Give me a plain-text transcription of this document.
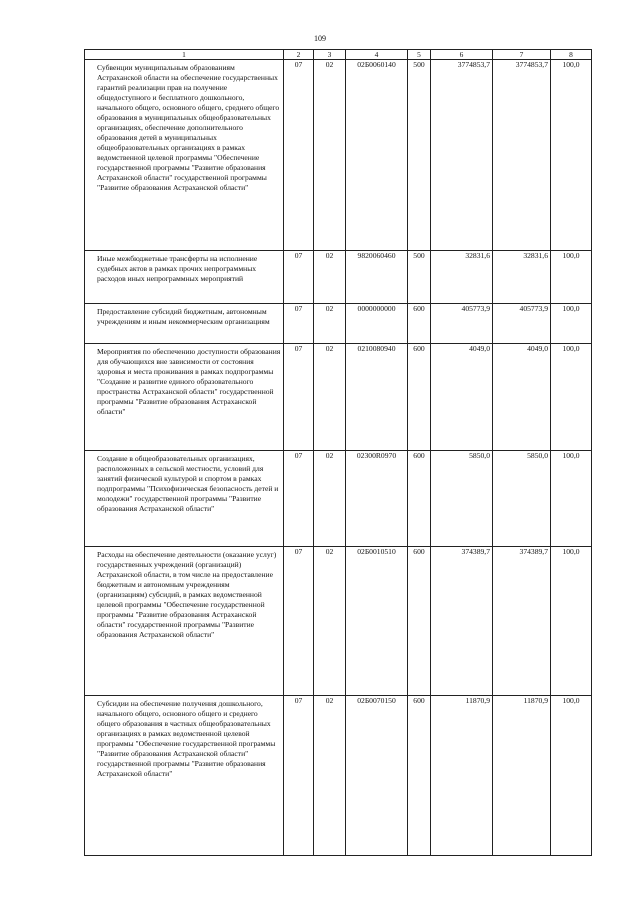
109
1	2	3	4	5	6	7	8

Субвенции муниципальным образованиям Астраханской области на обеспечение государственных гарантий реализации прав на получение общедоступного и бесплатного дошкольного, начального общего, основного общего, среднего общего образования в муниципальных общеобразовательных организациях, обеспечение дополнительного образования детей в муниципальных общеобразовательных организациях в рамках ведомственной целевой программы "Обеспечение государственной программы "Развитие образования Астраханской области" государственной программы "Развитие образования Астраханской области"	07	02	02Б0060140	500	3774853,7	3774853,7	100,0

Иные межбюджетные трансферты на исполнение судебных актов в рамках прочих непрограммных расходов иных непрограммных мероприятий	07	02	9820060460	500	32831,6	32831,6	100,0

Предоставление субсидий бюджетным, автономным учреждениям и иным некоммерческим организациям	07	02	0000000000	600	405773,9	405773,9	100,0

Мероприятия по обеспечению доступности образования для обучающихся вне зависимости от состояния здоровья и места проживания в рамках подпрограммы "Создание и развитие единого образовательного пространства Астраханской области" государственной программы "Развитие образования Астраханской области"	07	02	0210080940	600	4049,0	4049,0	100,0

Создание в общеобразовательных организациях, расположенных в сельской местности, условий для занятий физической культурой и спортом в рамках подпрограммы "Психофизическая безопасность детей и молодежи" государственной программы "Развитие образования Астраханской области"	07	02	02300R0970	600	5850,0	5850,0	100,0

Расходы на обеспечение деятельности (оказание услуг) государственных учреждений (организаций) Астраханской области, в том числе на предоставление бюджетным и автономным учреждениям (организациям) субсидий, в рамках ведомственной целевой программы "Обеспечение государственной программы "Развитие образования Астраханской области" государственной программы "Развитие образования Астраханской области"	07	02	02Б0010510	600	374389,7	374389,7	100,0

Субсидии на обеспечение получения дошкольного, начального общего, основного общего и среднего общего образования в частных общеобразовательных организациях в рамках ведомственной целевой программы "Обеспечение государственной программы "Развитие образования Астраханской области" государственной программы "Развитие образования Астраханской области"	07	02	02Б0070150	600	11870,9	11870,9	100,0
